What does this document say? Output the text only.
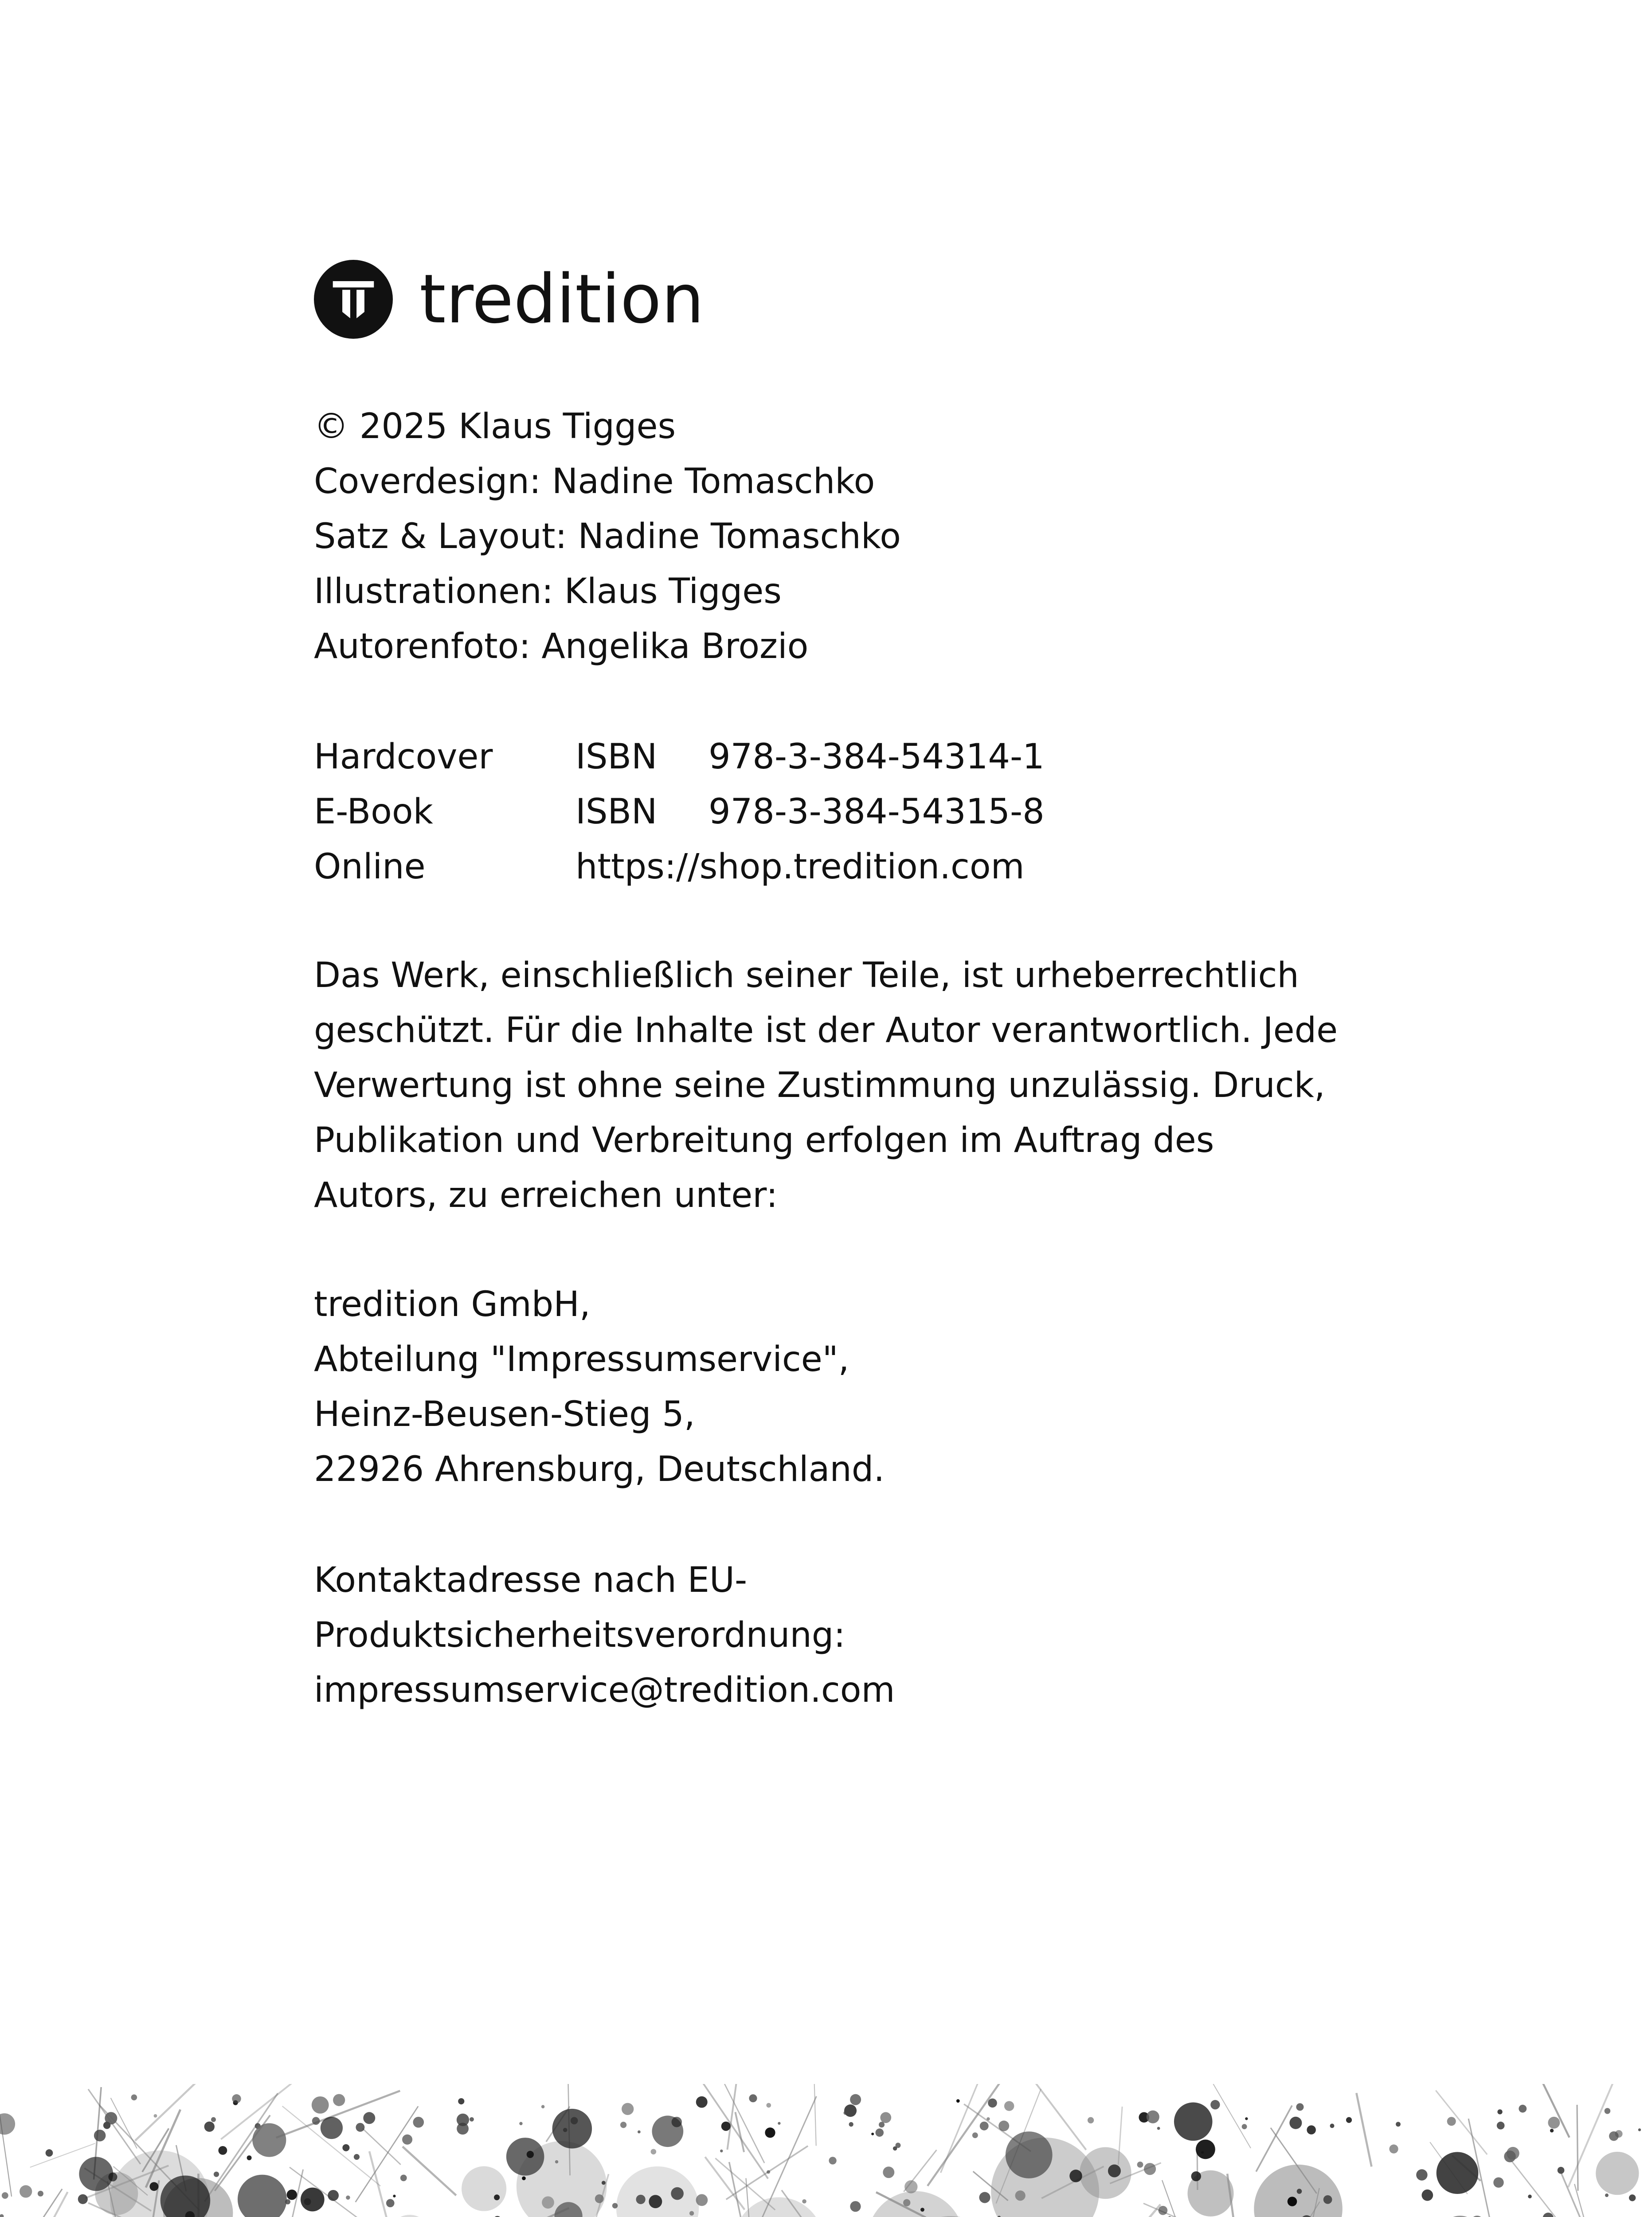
tredition
© 2025 Klaus Tigges
Coverdesign: Nadine Tomaschko
Satz & Layout: Nadine Tomaschko
Illustrationen: Klaus Tigges
Autorenfoto: Angelika Brozio
Hardcover	ISBN	978-3-384-54314-1
E-Book	ISBN	978-3-384-54315-8
Online	https://shop.tredition.com
Das Werk, einschließlich seiner Teile, ist urheberrechtlich
geschützt. Für die Inhalte ist der Autor verantwortlich. Jede
Verwertung ist ohne seine Zustimmung unzulässig. Druck,
Publikation und Verbreitung erfolgen im Auftrag des
Autors, zu erreichen unter:
tredition GmbH,
Abteilung "Impressumservice",
Heinz-Beusen-Stieg 5,
22926 Ahrensburg, Deutschland.
Kontaktadresse nach EU-
Produktsicherheitsverordnung:
impressumservice@tredition.com
